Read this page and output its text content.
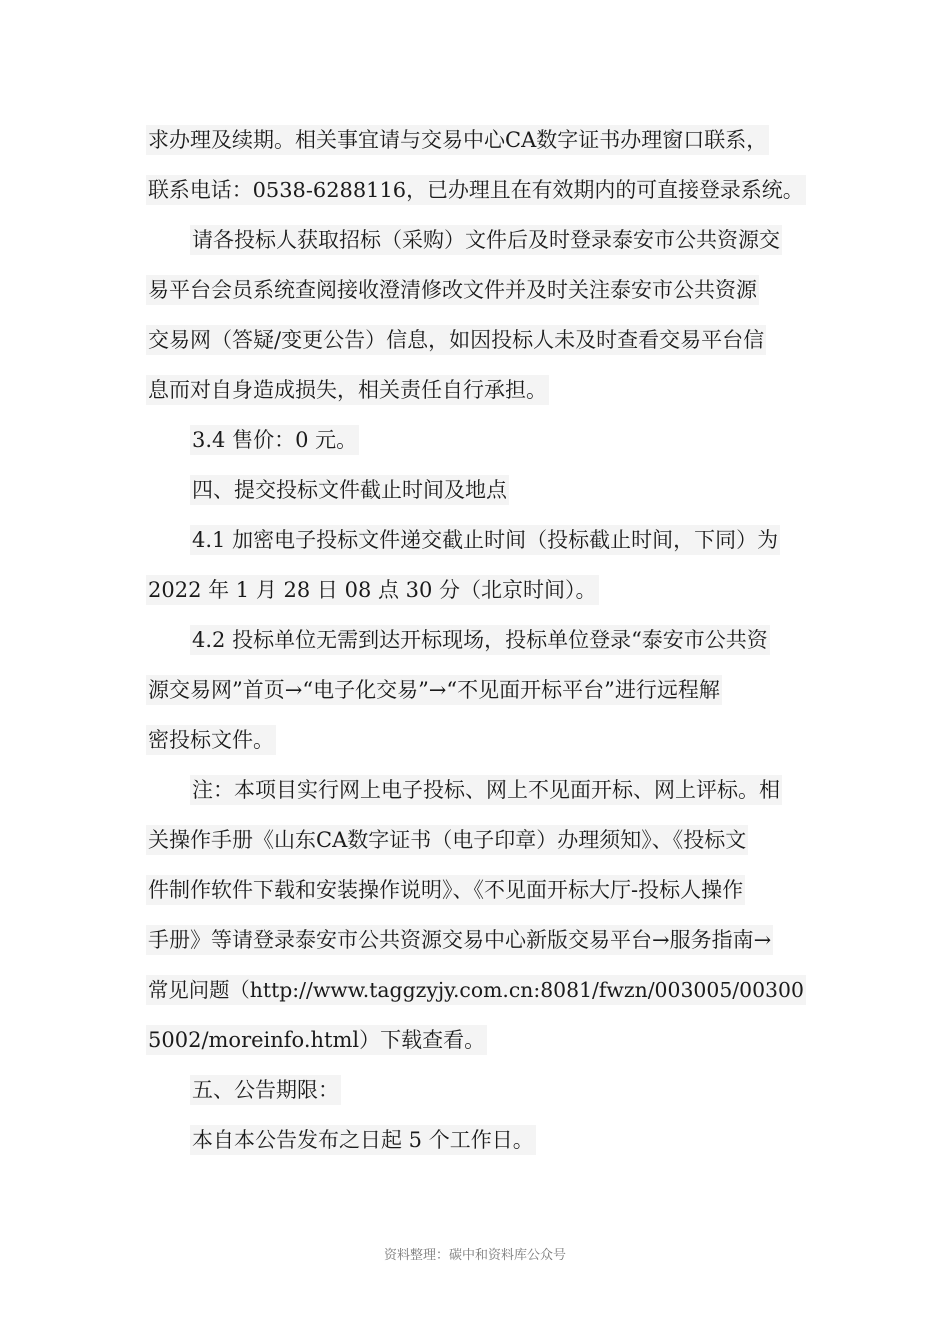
求办理及续期。相关事宜请与交易中心CA数字证书办理窗口联系，
联系电话：0538-6288116，已办理且在有效期内的可直接登录系统。
请各投标人获取招标（采购）文件后及时登录泰安市公共资源交
易平台会员系统查阅接收澄清修改文件并及时关注泰安市公共资源
交易网（答疑/变更公告）信息，如因投标人未及时查看交易平台信
息而对自身造成损失，相关责任自行承担。
3.4 售价：0 元。
四、提交投标文件截止时间及地点
4.1 加密电子投标文件递交截止时间（投标截止时间，下同）为
2022 年 1 月 28 日 08 点 30 分（北京时间）。
4.2 投标单位无需到达开标现场，投标单位登录“泰安市公共资
源交易网”首页→“电子化交易”→“不见面开标平台”进行远程解
密投标文件。
注：本项目实行网上电子投标、网上不见面开标、网上评标。相
关操作手册《山东CA数字证书（电子印章）办理须知》、《投标文
件制作软件下载和安装操作说明》、《不见面开标大厅-投标人操作
手册》等请登录泰安市公共资源交易中心新版交易平台→服务指南→
常见问题（http://www.taggzyjy.com.cn:8081/fwzn/003005/00300
5002/moreinfo.html）下载查看。
五、公告期限：
本自本公告发布之日起 5 个工作日。
资料整理：碳中和资料库公众号
